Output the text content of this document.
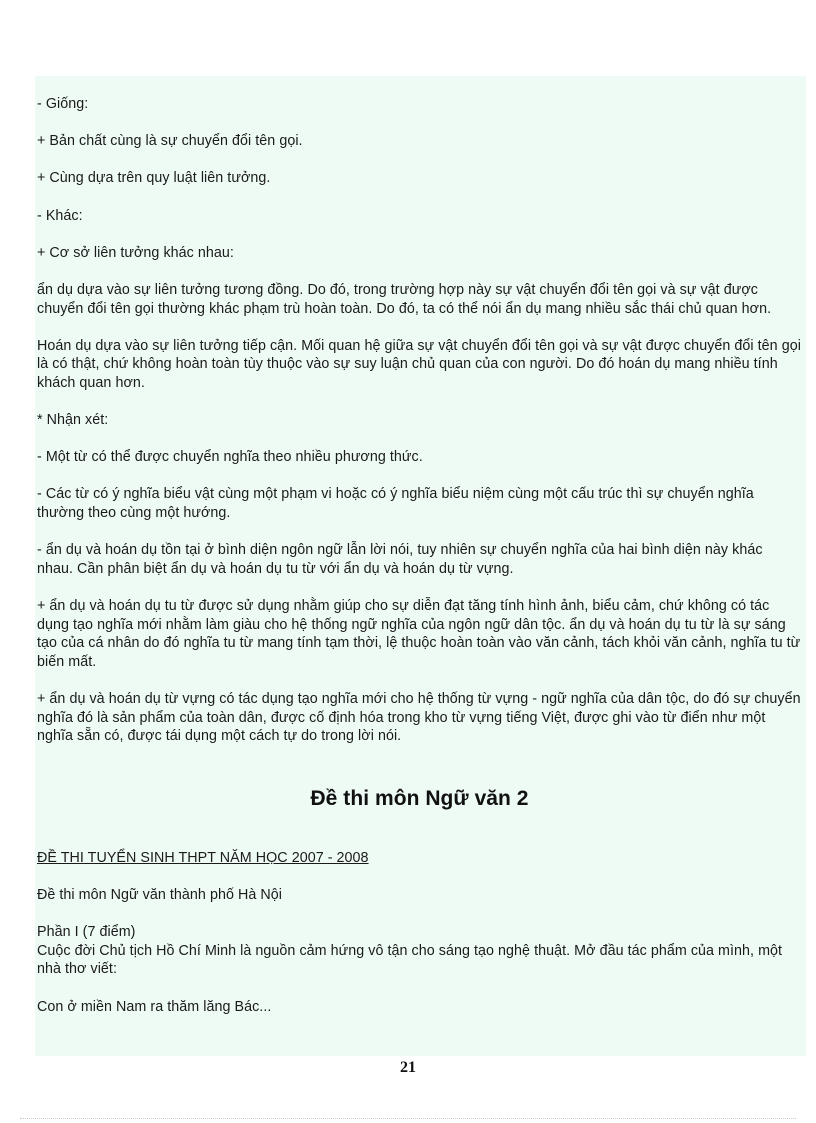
- Giống:

+ Bản chất cùng là sự chuyển đổi tên gọi.

+ Cùng dựa trên quy luật liên tưởng.

- Khác:

+ Cơ sở liên tưởng khác nhau:

ẩn dụ dựa vào sự liên tưởng tương đồng. Do đó, trong trường hợp này sự vật chuyển đổi tên gọi và sự vật được chuyển đổi tên gọi thường khác phạm trù hoàn toàn. Do đó, ta có thể nói ẩn dụ mang nhiều sắc thái chủ quan hơn.

Hoán dụ dựa vào sự liên tưởng tiếp cận. Mối quan hệ giữa sự vật chuyển đổi tên gọi và sự vật được chuyển đổi tên gọi là có thật, chứ không hoàn toàn tùy thuộc vào sự suy luận chủ quan của con người. Do đó hoán dụ mang nhiều tính khách quan hơn.

* Nhận xét:

- Một từ có thể được chuyển nghĩa theo nhiều phương thức.

- Các từ có ý nghĩa biểu vật cùng một phạm vi hoặc có ý nghĩa biểu niệm cùng một cấu trúc thì sự chuyển nghĩa thường theo cùng một hướng.

- ẩn dụ và hoán dụ tồn tại ở bình diện ngôn ngữ lẫn lời nói, tuy nhiên sự chuyển nghĩa của hai bình diện này khác nhau. Cần phân biệt ẩn dụ và hoán dụ tu từ với ẩn dụ và hoán dụ từ vựng.

+ ẩn dụ và hoán dụ tu từ được sử dụng nhằm giúp cho sự diễn đạt tăng tính hình ảnh, biểu cảm, chứ không có tác dụng tạo nghĩa mới nhằm làm giàu cho hệ thống ngữ nghĩa của ngôn ngữ dân tộc. ẩn dụ và hoán dụ tu từ là sự sáng tạo của cá nhân do đó nghĩa tu từ mang tính tạm thời, lệ thuộc hoàn toàn vào văn cảnh, tách khỏi văn cảnh, nghĩa tu từ biến mất.

+ ẩn dụ và hoán dụ từ vựng có tác dụng tạo nghĩa mới cho hệ thống từ vựng - ngữ nghĩa của dân tộc, do đó sự chuyển nghĩa đó là sản phẩm của toàn dân, được cố định hóa trong kho từ vựng tiếng Việt, được ghi vào từ điển như một nghĩa sẵn có, được tái dụng một cách tự do trong lời nói.

Đề thi môn Ngữ văn 2

ĐỀ THI TUYỂN SINH THPT NĂM HỌC 2007 - 2008

Đề thi môn Ngữ văn thành phố Hà Nội

Phần I (7 điểm)

Cuộc đời Chủ tịch Hồ Chí Minh là nguồn cảm hứng vô tận cho sáng tạo nghệ thuật. Mở đầu tác phẩm của mình, một nhà thơ viết:

Con ở miền Nam ra thăm lăng Bác...

21
